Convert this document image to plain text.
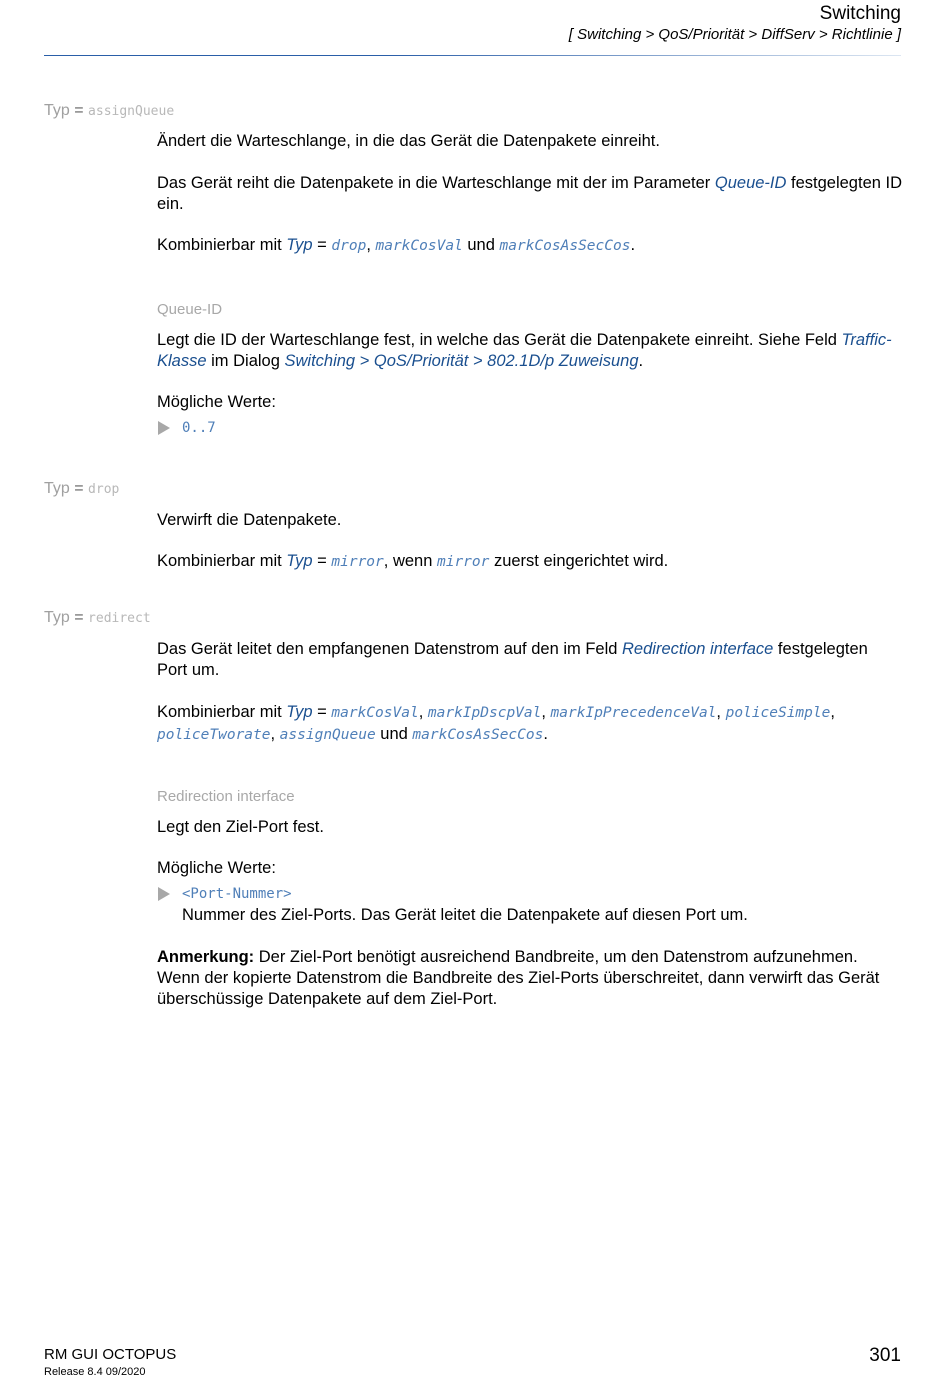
Switching
[ Switching > QoS/Priorität > DiffServ > Richtlinie ]
Typ = assignQueue
Ändert die Warteschlange, in die das Gerät die Datenpakete einreiht.
Das Gerät reiht die Datenpakete in die Warteschlange mit der im Parameter Queue-ID festgelegten ID ein.
Kombinierbar mit Typ = drop, markCosVal und markCosAsSecCos.
Queue-ID
Legt die ID der Warteschlange fest, in welche das Gerät die Datenpakete einreiht. Siehe Feld Traffic-Klasse im Dialog Switching > QoS/Priorität > 802.1D/p Zuweisung.
Mögliche Werte:
0..7
Typ = drop
Verwirft die Datenpakete.
Kombinierbar mit Typ = mirror, wenn mirror zuerst eingerichtet wird.
Typ = redirect
Das Gerät leitet den empfangenen Datenstrom auf den im Feld Redirection interface festgelegten Port um.
Kombinierbar mit Typ = markCosVal, markIpDscpVal, markIpPrecedenceVal, policeSimple, policeTworate, assignQueue und markCosAsSecCos.
Redirection interface
Legt den Ziel-Port fest.
Mögliche Werte:
<Port-Nummer>
Nummer des Ziel-Ports. Das Gerät leitet die Datenpakete auf diesen Port um.
Anmerkung: Der Ziel-Port benötigt ausreichend Bandbreite, um den Datenstrom aufzunehmen. Wenn der kopierte Datenstrom die Bandbreite des Ziel-Ports überschreitet, dann verwirft das Gerät überschüssige Datenpakete auf dem Ziel-Port.
RM GUI OCTOPUS
Release 8.4 09/2020
301
